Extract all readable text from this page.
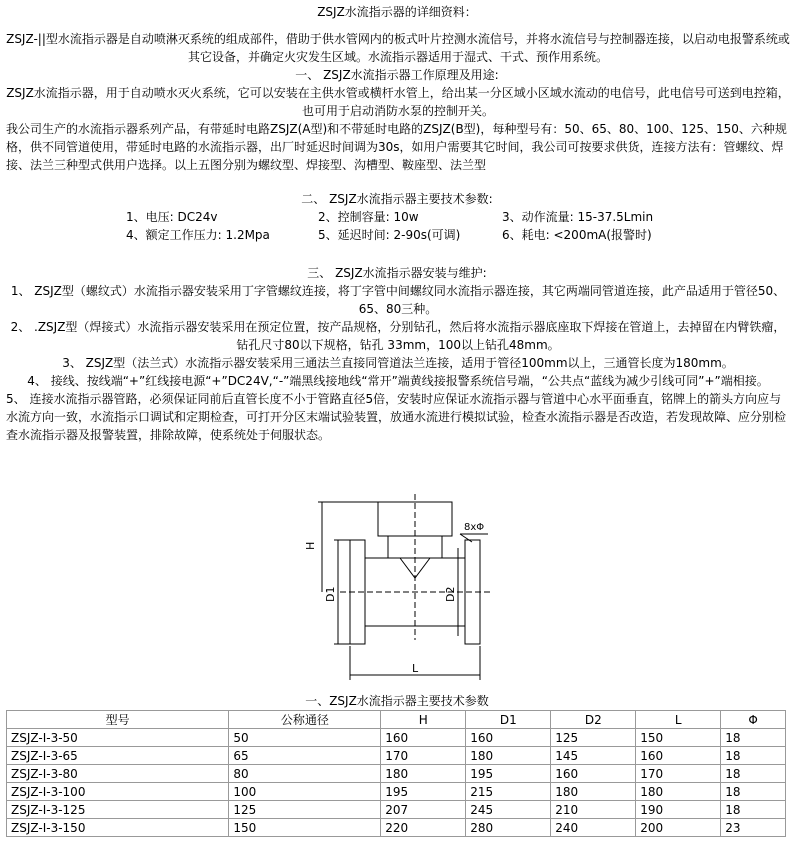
ZSJZ水流指示器的详细资料：

ZSJZ-||型水流指示器是自动喷淋灭系统的组成部件，借助于供水管网内的板式叶片控测水流信号，并将水流信号与控制器连接，以启动电报警系统或其它设备，并确定火灾发生区域。水流指示器适用于湿式、干式、预作用系统。

一、 ZSJZ水流指示器工作原理及用途:

ZSJZ水流指示器，用于自动喷水灭火系统，它可以安装在主供水管或横杆水管上，给出某一分区域小区域水流动的电信号，此电信号可送到电控箱，也可用于启动消防水泵的控制开关。

我公司生产的水流指示器系列产品，有带延时电路ZSJZ(A型)和不带延时电路的ZSJZ(B型)，每种型号有：50、65、80、100、125、150、六种规格，供不同管道使用，带延时电路的水流指示器，出厂时延迟时间调为30s，如用户需要其它时间，我公司可按要求供货，连接方法有：管螺纹、焊接、法兰三种型式供用户选择。以上五图分别为螺纹型、焊接型、沟槽型、鞍座型、法兰型

二、 ZSJZ水流指示器主要技术参数:

1、电压: DC24v	2、控制容量: 10w	3、动作流量: 15-37.5Lmin
4、额定工作压力: 1.2Mpa	5、延迟时间: 2-90s(可调)	6、耗电: <200mA(报警时)

三、 ZSJZ水流指示器安装与维护:

1、 ZSJZ型（螺纹式）水流指示器安装采用丁字管螺纹连接，将丁字管中间螺纹同水流指示器连接，其它两端同管道连接，此产品适用于管径50、65、80三种。

2、 .ZSJZ型（焊接式）水流指示器安装采用在预定位置，按产品规格，分别钻孔，然后将水流指示器底座取下焊接在管道上，去掉留在内臂铁瘤，钻孔尺寸80以下规格，钻孔 33mm，100以上钻孔48mm。

3、 ZSJZ型（法兰式）水流指示器安装采用三通法兰直接同管道法兰连接，适用于管径100mm以上，三通管长度为180mm。

4、 接线、按线端“+”红线接电源“+”DC24V,“-”端黑线接地线“常开”端黄线接报警系统信号端，“公共点“蓝线为减少引线可同”+”端相接。

5、 连接水流指示器管路，必须保证同前后直管长度不小于管路直径5倍，安装时应保证水流指示器与管道中心水平面垂直，铭牌上的箭头方向应与水流方向一致，水流指示口调试和定期检查，可打开分区末端试验装置，放通水流进行模拟试验，检查水流指示器是否改造，若发现故障、应分别检查水流指示器及报警装置，排除故障，使系统处于伺服状态。

H
D1	D2
L
8xΦ
一、ZSJZ水流指示器主要技术参数
型号	公称通径	H	D1	D2	L	Φ
ZSJZ-I-3-50	50	160	160	125	150	18
ZSJZ-I-3-65	65	170	180	145	160	18
ZSJZ-I-3-80	80	180	195	160	170	18
ZSJZ-I-3-100	100	195	215	180	180	18
ZSJZ-I-3-125	125	207	245	210	190	18
ZSJZ-I-3-150	150	220	280	240	200	23
